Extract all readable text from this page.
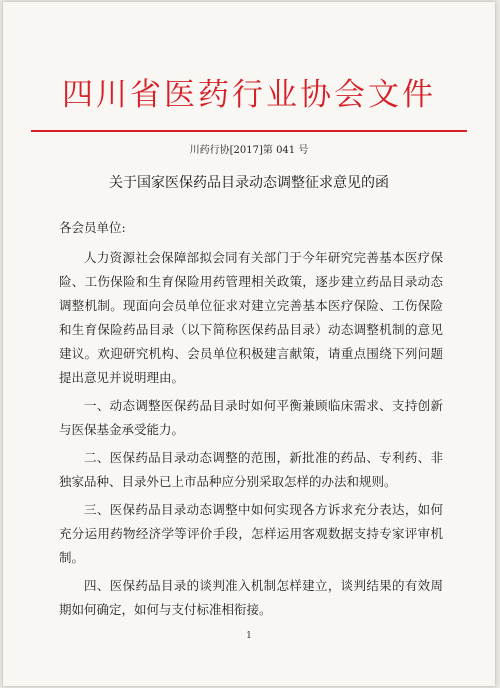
四川省医药行业协会文件
川药行协[2017]第 041 号
关于国家医保药品目录动态调整征求意见的函

各会员单位:

人力资源社会保障部拟会同有关部门于今年研究完善基本医疗保险、工伤保险和生育保险用药管理相关政策，逐步建立药品目录动态调整机制。现面向会员单位征求对建立完善基本医疗保险、工伤保险和生育保险药品目录（以下简称医保药品目录）动态调整机制的意见建议。欢迎研究机构、会员单位积极建言献策，请重点围绕下列问题提出意见并说明理由。

一、动态调整医保药品目录时如何平衡兼顾临床需求、支持创新与医保基金承受能力。

二、医保药品目录动态调整的范围，新批准的药品、专利药、非独家品种、目录外已上市品种应分别采取怎样的办法和规则。

三、医保药品目录动态调整中如何实现各方诉求充分表达，如何充分运用药物经济学等评价手段，怎样运用客观数据支持专家评审机制。

四、医保药品目录的谈判准入机制怎样建立，谈判结果的有效周期如何确定，如何与支付标准相衔接。

1
